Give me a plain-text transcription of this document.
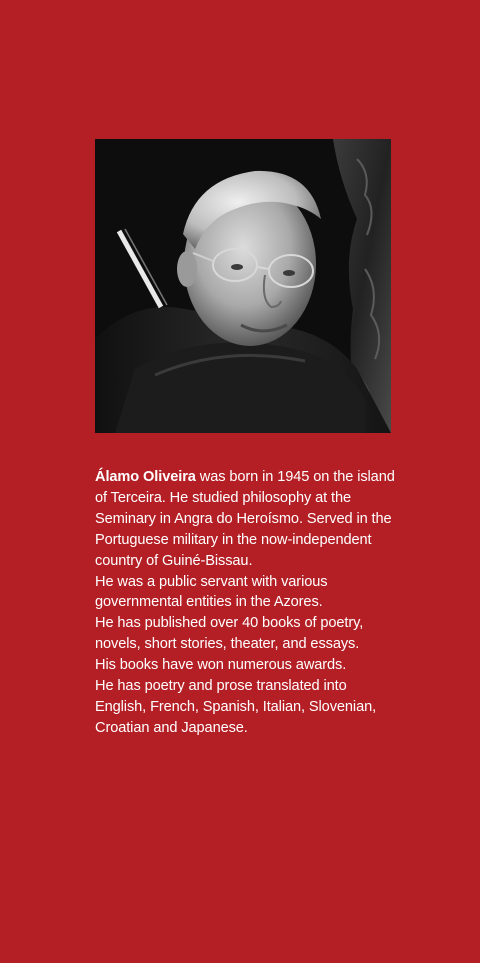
Álamo Oliveira was born in 1945 on the island of Terceira. He studied philosophy at the Seminary in Angra do Heroísmo. Served in the Portuguese military in the now-independent country of Guiné-Bissau.

He was a public servant with various governmental entities in the Azores.

He has published over 40 books of poetry, novels, short stories, theater, and essays.

His books have won numerous awards.

He has poetry and prose translated into English, French, Spanish, Italian, Slovenian, Croatian and Japanese.
